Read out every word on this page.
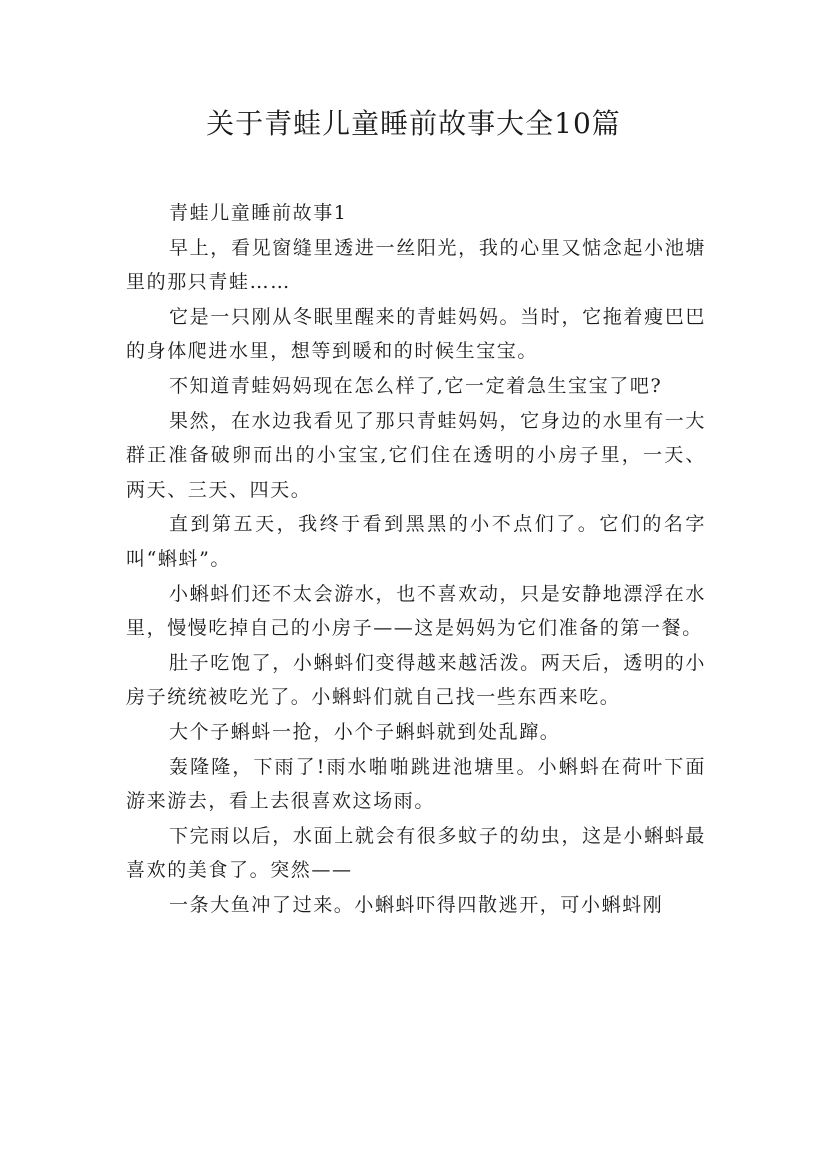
关于青蛙儿童睡前故事大全10篇

青蛙儿童睡前故事1

早上，看见窗缝里透进一丝阳光，我的心里又惦念起小池塘里的那只青蛙……

它是一只刚从冬眠里醒来的青蛙妈妈。当时，它拖着瘦巴巴的身体爬进水里，想等到暖和的时候生宝宝。

不知道青蛙妈妈现在怎么样了,它一定着急生宝宝了吧?

果然，在水边我看见了那只青蛙妈妈，它身边的水里有一大群正准备破卵而出的小宝宝,它们住在透明的小房子里，一天、两天、三天、四天。

直到第五天，我终于看到黑黑的小不点们了。它们的名字叫“蝌蚪”。

小蝌蚪们还不太会游水，也不喜欢动，只是安静地漂浮在水里，慢慢吃掉自己的小房子——这是妈妈为它们准备的第一餐。

肚子吃饱了，小蝌蚪们变得越来越活泼。两天后，透明的小房子统统被吃光了。小蝌蚪们就自己找一些东西来吃。

大个子蝌蚪一抢，小个子蝌蚪就到处乱蹿。

轰隆隆，下雨了!雨水啪啪跳进池塘里。小蝌蚪在荷叶下面游来游去，看上去很喜欢这场雨。

下完雨以后，水面上就会有很多蚊子的幼虫，这是小蝌蚪最喜欢的美食了。突然——

一条大鱼冲了过来。小蝌蚪吓得四散逃开，可小蝌蚪刚
